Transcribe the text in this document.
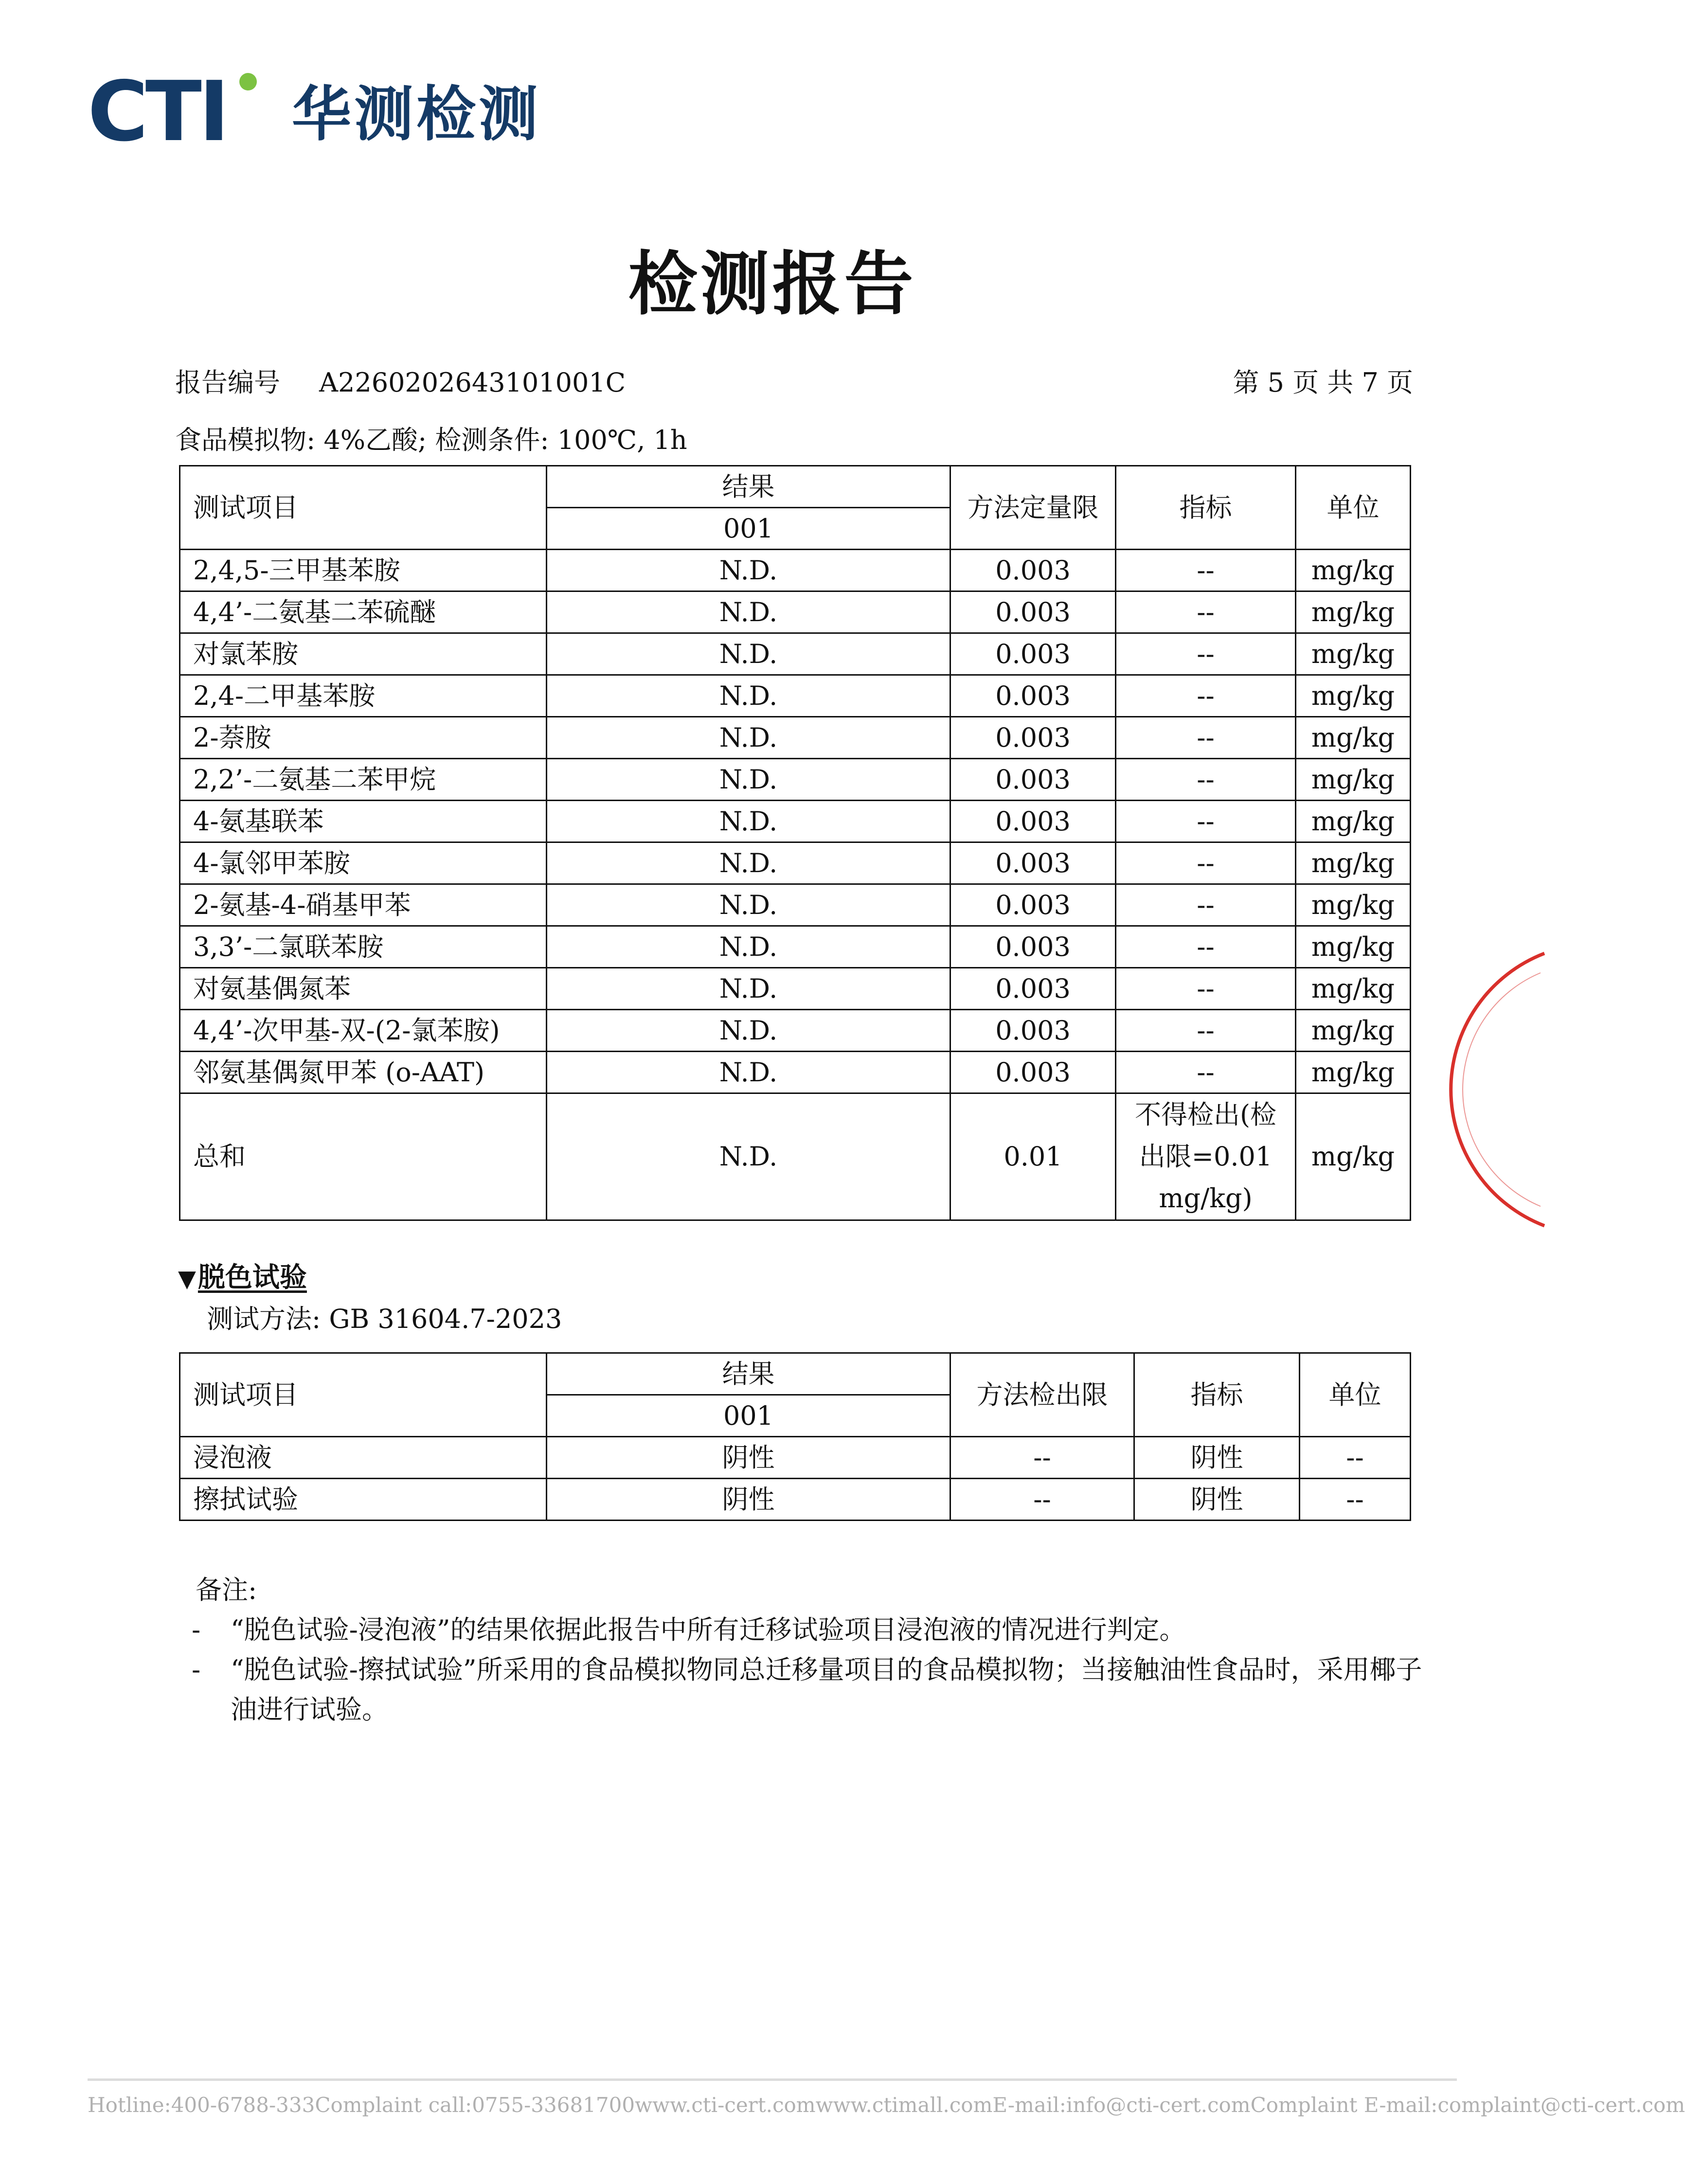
CTI 华测检测
检测报告
报告编号 A2260202643101001C	第 5 页 共 7 页
食品模拟物: 4%乙酸; 检测条件: 100℃, 1h
测试项目	结果	方法定量限	指标	单位
	001			
2,4,5-三甲基苯胺	N.D.	0.003	--	mg/kg
4,4’-二氨基二苯硫醚	N.D.	0.003	--	mg/kg
对氯苯胺	N.D.	0.003	--	mg/kg
2,4-二甲基苯胺	N.D.	0.003	--	mg/kg
2-萘胺	N.D.	0.003	--	mg/kg
2,2’-二氨基二苯甲烷	N.D.	0.003	--	mg/kg
4-氨基联苯	N.D.	0.003	--	mg/kg
4-氯邻甲苯胺	N.D.	0.003	--	mg/kg
2-氨基-4-硝基甲苯	N.D.	0.003	--	mg/kg
3,3’-二氯联苯胺	N.D.	0.003	--	mg/kg
对氨基偶氮苯	N.D.	0.003	--	mg/kg
4,4’-次甲基-双-(2-氯苯胺)	N.D.	0.003	--	mg/kg
邻氨基偶氮甲苯 (o-AAT)	N.D.	0.003	--	mg/kg
总和	N.D.	0.01	不得检出(检出限=0.01 mg/kg)	mg/kg
▼脱色试验
测试方法: GB 31604.7-2023
测试项目	结果	方法检出限	指标	单位
	001			
浸泡液	阴性	--	阴性	--
擦拭试验	阴性	--	阴性	--
备注:
- “脱色试验-浸泡液”的结果依据此报告中所有迁移试验项目浸泡液的情况进行判定。
- “脱色试验-擦拭试验”所采用的食品模拟物同总迁移量项目的食品模拟物；当接触油性食品时，采用椰子油进行试验。
Hotline:400-6788-333 Complaint call:0755-33681700 www.cti-cert.com www.ctimall.com E-mail:info@cti-cert.com Complaint E-mail:complaint@cti-cert.com
